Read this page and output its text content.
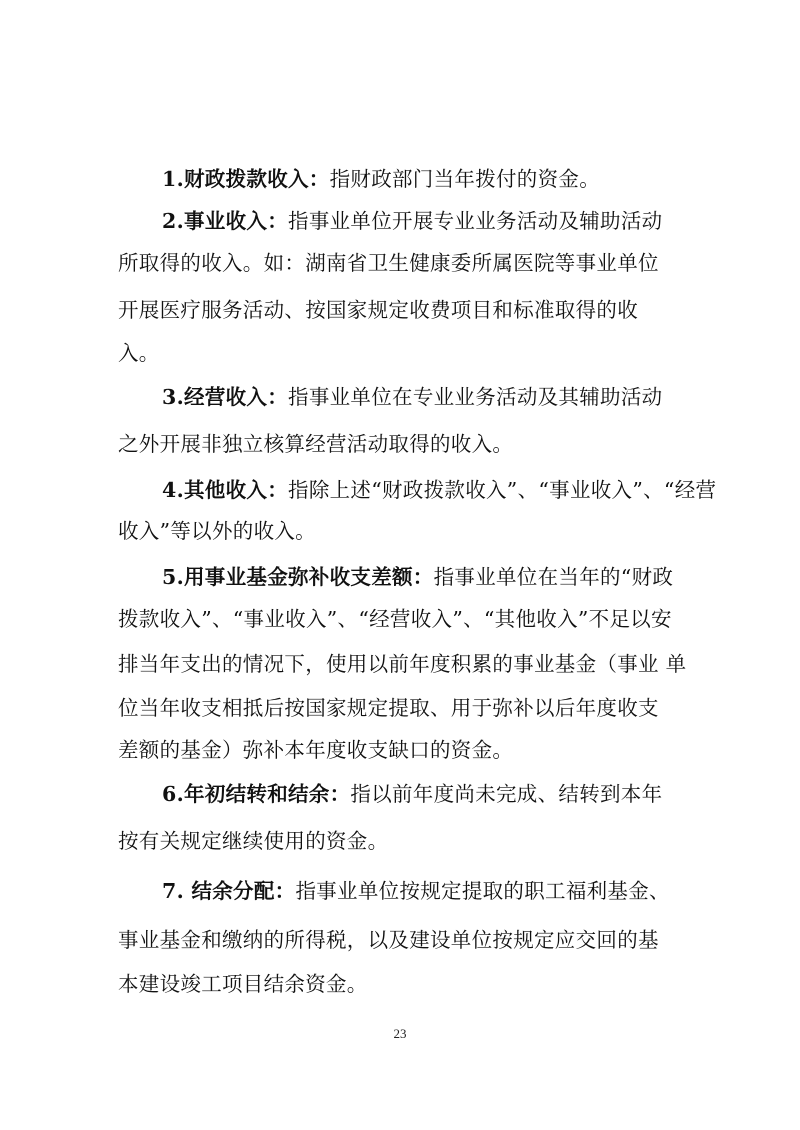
1.财政拨款收入：指财政部门当年拨付的资金。
2.事业收入：指事业单位开展专业业务活动及辅助活动
所取得的收入。如：湖南省卫生健康委所属医院等事业单位
开展医疗服务活动、按国家规定收费项目和标准取得的收
入。
3.经营收入：指事业单位在专业业务活动及其辅助活动
之外开展非独立核算经营活动取得的收入。
4.其他收入：指除上述“财政拨款收入”、“事业收入”、“经营
收入”等以外的收入。
5.用事业基金弥补收支差额：指事业单位在当年的“财政
拨款收入”、“事业收入”、“经营收入”、“其他收入”不足以安
排当年支出的情况下，使用以前年度积累的事业基金（事业 单
位当年收支相抵后按国家规定提取、用于弥补以后年度收支
差额的基金）弥补本年度收支缺口的资金。
6.年初结转和结余：指以前年度尚未完成、结转到本年
按有关规定继续使用的资金。
7. 结余分配：指事业单位按规定提取的职工福利基金、
事业基金和缴纳的所得税，以及建设单位按规定应交回的基
本建设竣工项目结余资金。
23
